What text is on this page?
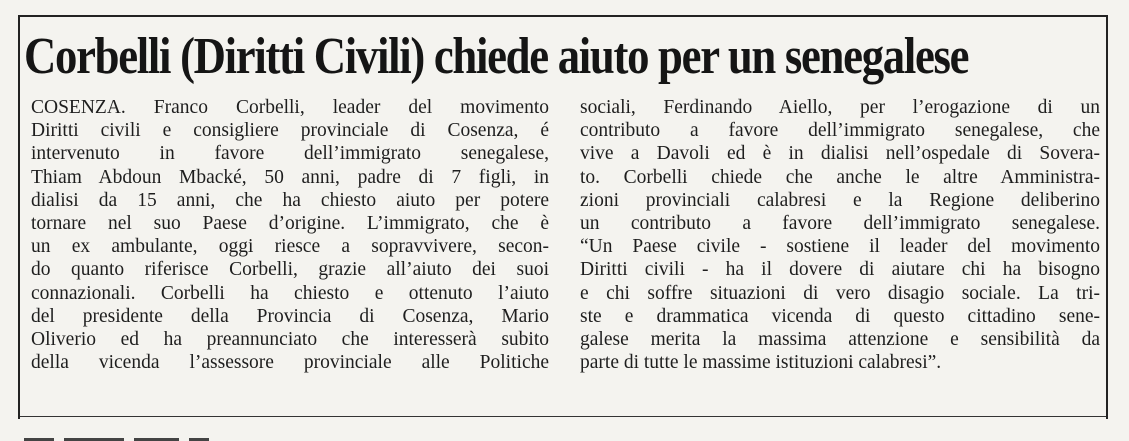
Corbelli (Diritti Civili) chiede aiuto per un senegalese
COSENZA. Franco Corbelli, leader del movimento
Diritti civili e consigliere provinciale di Cosenza, é
intervenuto in favore dell’immigrato senegalese,
Thiam Abdoun Mbacké, 50 anni, padre di 7 figli, in
dialisi da 15 anni, che ha chiesto aiuto per potere
tornare nel suo Paese d’origine. L’immigrato, che è
un ex ambulante, oggi riesce a sopravvivere, secon-
do quanto riferisce Corbelli, grazie all’aiuto dei suoi
connazionali. Corbelli ha chiesto e ottenuto l’aiuto
del presidente della Provincia di Cosenza, Mario
Oliverio ed ha preannunciato che interesserà subito
della vicenda l’assessore provinciale alle Politiche
sociali, Ferdinando Aiello, per l’erogazione di un
contributo a favore dell’immigrato senegalese, che
vive a Davoli ed è in dialisi nell’ospedale di Sovera-
to. Corbelli chiede che anche le altre Amministra-
zioni provinciali calabresi e la Regione deliberino
un contributo a favore dell’immigrato senegalese.
“Un Paese civile - sostiene il leader del movimento
Diritti civili - ha il dovere di aiutare chi ha bisogno
e chi soffre situazioni di vero disagio sociale. La tri-
ste e drammatica vicenda di questo cittadino sene-
galese merita la massima attenzione e sensibilità da
parte di tutte le massime istituzioni calabresi”.
